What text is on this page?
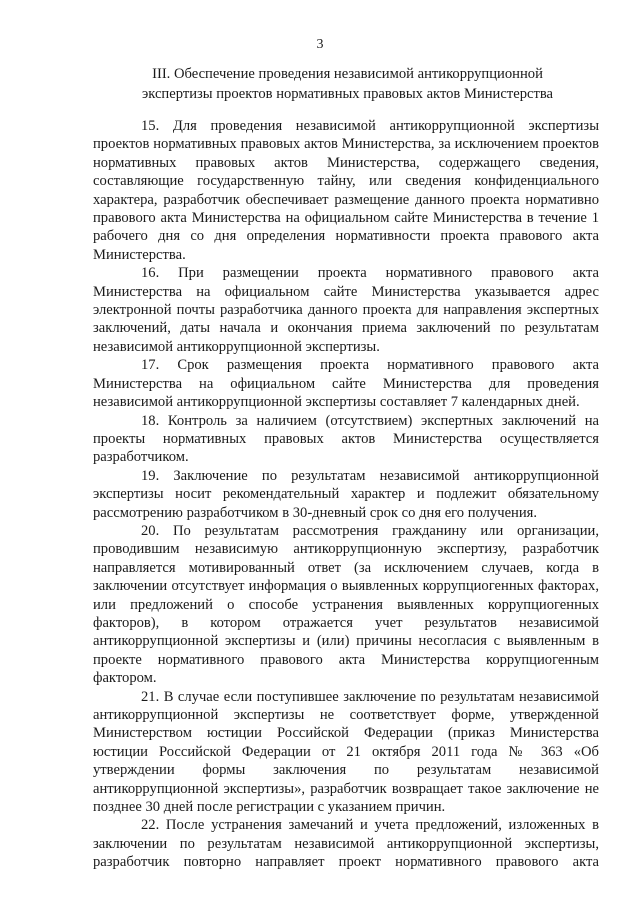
3
III. Обеспечение проведения независимой антикоррупционной
экспертизы проектов нормативных правовых актов Министерства

15. Для проведения независимой антикоррупционной экспертизы проектов нормативных правовых актов Министерства, за исключением проектов нормативных правовых актов Министерства, содержащего сведения, составляющие государственную тайну, или сведения конфиденциального характера, разработчик обеспечивает размещение данного проекта нормативно правового акта Министерства на официальном сайте Министерства в течение 1 рабочего дня со дня определения нормативности проекта правового акта Министерства.

16. При размещении проекта нормативного правового акта Министерства на официальном сайте Министерства указывается адрес электронной почты разработчика данного проекта для направления экспертных заключений, даты начала и окончания приема заключений по результатам независимой антикоррупционной экспертизы.

17. Срок размещения проекта нормативного правового акта Министерства на официальном сайте Министерства для проведения независимой антикоррупционной экспертизы составляет 7 календарных дней.

18. Контроль за наличием (отсутствием) экспертных заключений на проекты нормативных правовых актов Министерства осуществляется разработчиком.

19. Заключение по результатам независимой антикоррупционной экспертизы носит рекомендательный характер и подлежит обязательному рассмотрению разработчиком в 30-дневный срок со дня его получения.

20. По результатам рассмотрения гражданину или организации, проводившим независимую антикоррупционную экспертизу, разработчик направляется мотивированный ответ (за исключением случаев, когда в заключении отсутствует информация о выявленных коррупциогенных факторах, или предложений о способе устранения выявленных коррупциогенных факторов), в котором отражается учет результатов независимой антикоррупционной экспертизы и (или) причины несогласия с выявленным в проекте нормативного правового акта Министерства коррупциогенным фактором.

21. В случае если поступившее заключение по результатам независимой антикоррупционной экспертизы не соответствует форме, утвержденной Министерством юстиции Российской Федерации (приказ Министерства юстиции Российской Федерации от 21 октября 2011 года № 363 «Об утверждении формы заключения по результатам независимой антикоррупционной экспертизы», разработчик возвращает такое заключение не позднее 30 дней после регистрации с указанием причин.

22. После устранения замечаний и учета предложений, изложенных в заключении по результатам независимой антикоррупционной экспертизы, разработчик повторно направляет проект нормативного правового акта
